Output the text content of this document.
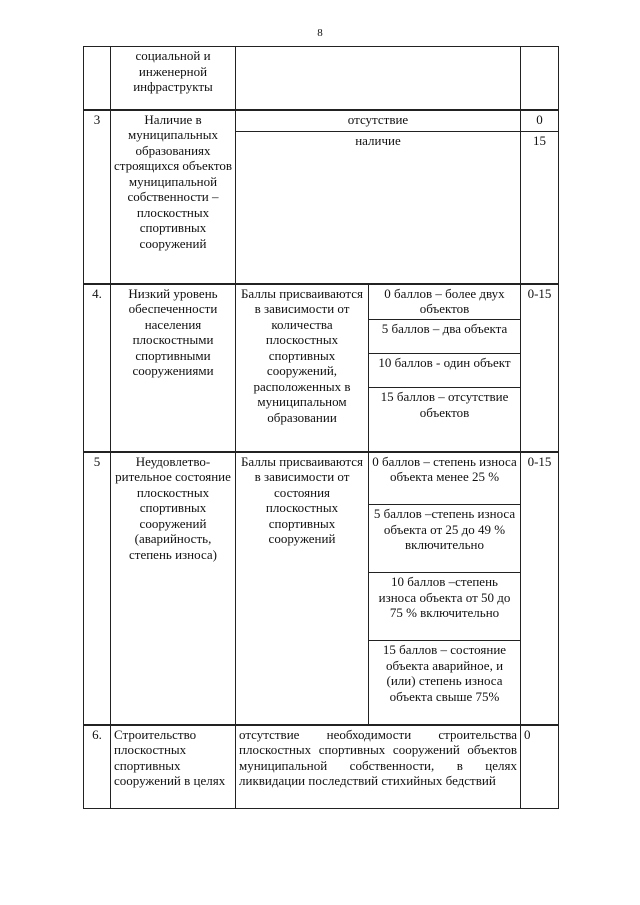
8
	социальной и инженерной инфраструкты			
3	Наличие в муниципальных образованиях строящихся объектов муниципальной собственности – плоскостных спортивных сооружений	отсутствие		0
		наличие		15
4.	Низкий уровень обеспеченности населения плоскостными спортивными сооружениями	Баллы присваиваются в зависимости от количества плоскостных спортивных сооружений, расположенных в муниципальном образовании	0 баллов – более двух объектов	0-15
			5 баллов – два объекта	
			10 баллов - один объект	
			15 баллов – отсутствие объектов	
5	Неудовлетво-рительное состояние плоскостных спортивных сооружений (аварийность, степень износа)	Баллы присваиваются в зависимости от состояния плоскостных спортивных сооружений	0 баллов – степень износа объекта менее 25 %	0-15
			5 баллов –степень износа объекта от 25 до 49 % включительно	
			10 баллов –степень износа объекта от 50 до 75 % включительно	
			15 баллов – состояние объекта аварийное, и (или) степень износа объекта свыше 75%	
6.	Строительство плоскостных спортивных сооружений в целях	отсутствие необходимости строительства плоскостных спортивных сооружений объектов муниципальной собственности, в целях ликвидации последствий стихийных бедствий		0
